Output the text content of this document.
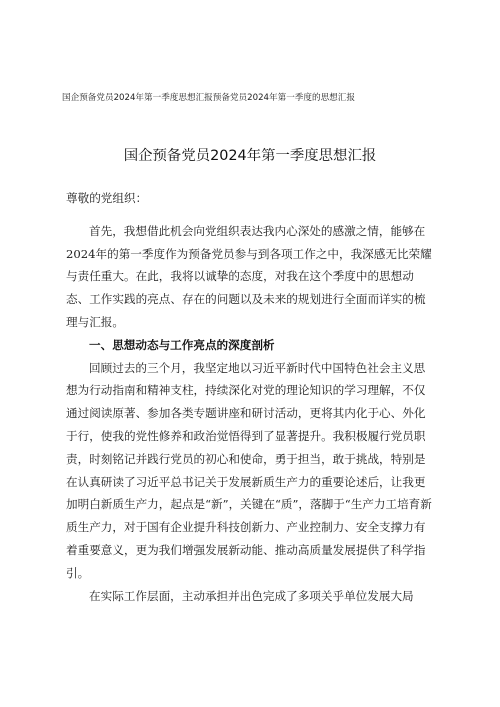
国企预备党员2024年第一季度思想汇报预备党员2024年第一季度的思想汇报
国企预备党员2024年第一季度思想汇报

尊敬的党组织：

首先，我想借此机会向党组织表达我内心深处的感激之情，能够在2024年的第一季度作为预备党员参与到各项工作之中，我深感无比荣耀与责任重大。在此，我将以诚挚的态度，对我在这个季度中的思想动态、工作实践的亮点、存在的问题以及未来的规划进行全面而详实的梳理与汇报。

一、思想动态与工作亮点的深度剖析

回顾过去的三个月，我坚定地以习近平新时代中国特色社会主义思想为行动指南和精神支柱，持续深化对党的理论知识的学习理解，不仅通过阅读原著、参加各类专题讲座和研讨活动，更将其内化于心、外化于行，使我的党性修养和政治觉悟得到了显著提升。我积极履行党员职责，时刻铭记并践行党员的初心和使命，勇于担当，敢于挑战，特别是在认真研读了习近平总书记关于发展新质生产力的重要论述后，让我更加明白新质生产力，起点是“新”，关键在“质”，落脚于“生产力工培育新质生产力，对于国有企业提升科技创新力、产业控制力、安全支撑力有着重要意义，更为我们增强发展新动能、推动高质量发展提供了科学指引。

在实际工作层面，主动承担并出色完成了多项关乎单位发展大局
